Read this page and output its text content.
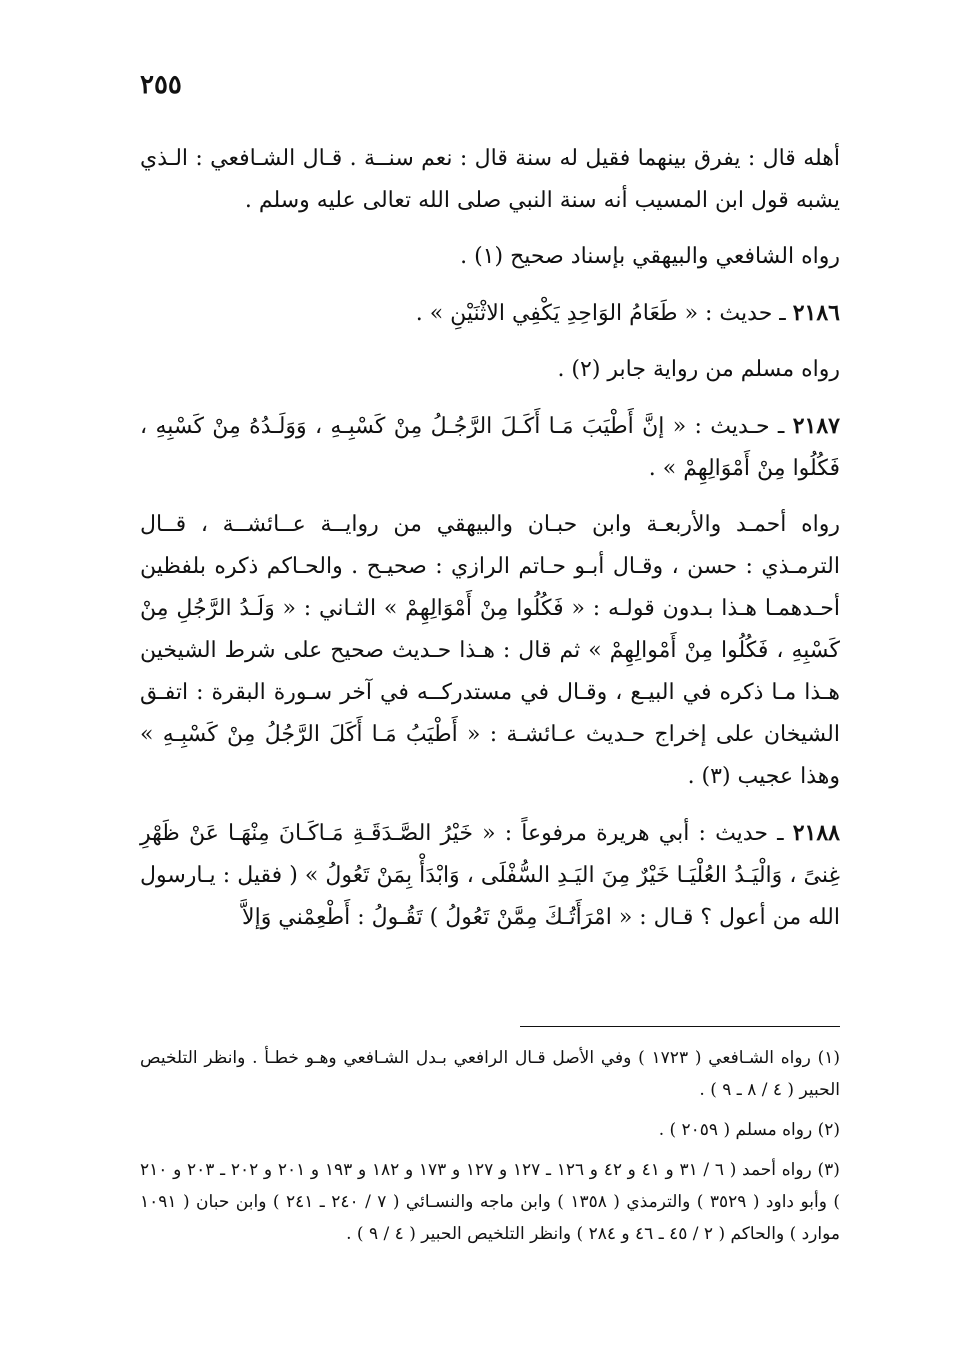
٢٥٥

أهله قال : يفرق بينهما فقيل له سنة قال : نعم سنــة . قـال الشـافعي : الـذي يشبه قول ابن المسيب أنه سنة النبي صلى الله تعالى عليه وسلم .

رواه الشافعي والبيهقي بإسناد صحيح (١) .

٢١٨٦ ـ حديث : « طَعَامُ الوَاحِدِ يَكْفِي الاثْنَيْنِ » .

رواه مسلم من رواية جابر (٢) .

٢١٨٧ ـ حـديث : « إنَّ أَطْيَبَ مَـا أَكَـلَ الرَّجُـلُ مِنْ كَسْبِـهِ ، وَوَلَـدُهُ مِنْ كَسْبِهِ ، فَكُلُوا مِنْ أَمْوَالِهِمْ » .

رواه أحمـد والأربعـة وابن حبـان والبيهقي من روايــة عــائشــة ، قــال الترمـذي : حسن ، وقـال أبـو حـاتم الرازي : صحيـح . والحـاكم ذكره بلفظين أحـدهمـا هـذا بـدون قولـه : « فَكُلُوا مِنْ أَمْوَالِهِمْ » الثـاني : « وَلَـدُ الرَّجُلِ مِنْ كَسْبِهِ ، فَكُلُوا مِنْ أَمْوالِهِمْ » ثم قال : هـذا حـديث صحيح على شرط الشيخين هـذا مـا ذكره في البيـع ، وقـال في مستدركــه في آخر سـورة البقرة : اتفـق الشيخان على إخراج حـديث عـائشـة : « أَطْيَبُ مَـا أَكَلَ الرَّجُلُ مِنْ كَسْبِـهِ » وهذا عجيب (٣) .

٢١٨٨ ـ حديث : أبي هريرة مرفوعاً : « خَيْرُ الصَّـدَقَـةِ مَـاكَـانَ مِنْهَـا عَنْ ظَهْرِ غِنىً ، وَالْيَـدُ العُلْيَـا خَيْرٌ مِنَ اليَـدِ السُّفْلَى ، وَابْدَأْ بِمَنْ تَعُولُ » ( فقيل : يـارسول الله من أعول ؟ قـال : « امْرَأَتُـكَ مِمَّنْ تَعُولُ ) تَقُـولُ : أَطْعِمْني وَإلاَّ

(١) رواه الشـافعي ( ١٧٢٣ ) وفي الأصل قـال الرافعي بـدل الشـافعي وهـو خطـأ . وانظر التلخيص الحبير ( ٤ / ٨ ـ ٩ ) .

(٢) رواه مسلم ( ٢٠٥٩ ) .

(٣) رواه أحمد ( ٦ / ٣١ و ٤١ و ٤٢ و ١٢٦ ـ ١٢٧ و ١٢٧ و ١٧٣ و ١٨٢ و ١٩٣ و ٢٠١ و ٢٠٢ ـ ٢٠٣ و ٢١٠ ) وأبو داود ( ٣٥٢٩ ) والترمذي ( ١٣٥٨ ) وابن ماجه والنسـائي ( ٧ / ٢٤٠ ـ ٢٤١ ) وابن حبان ( ١٠٩١ موارد ) والحاكم ( ٢ / ٤٥ ـ ٤٦ و ٢٨٤ ) وانظر التلخيص الحبير ( ٤ / ٩ ) .
